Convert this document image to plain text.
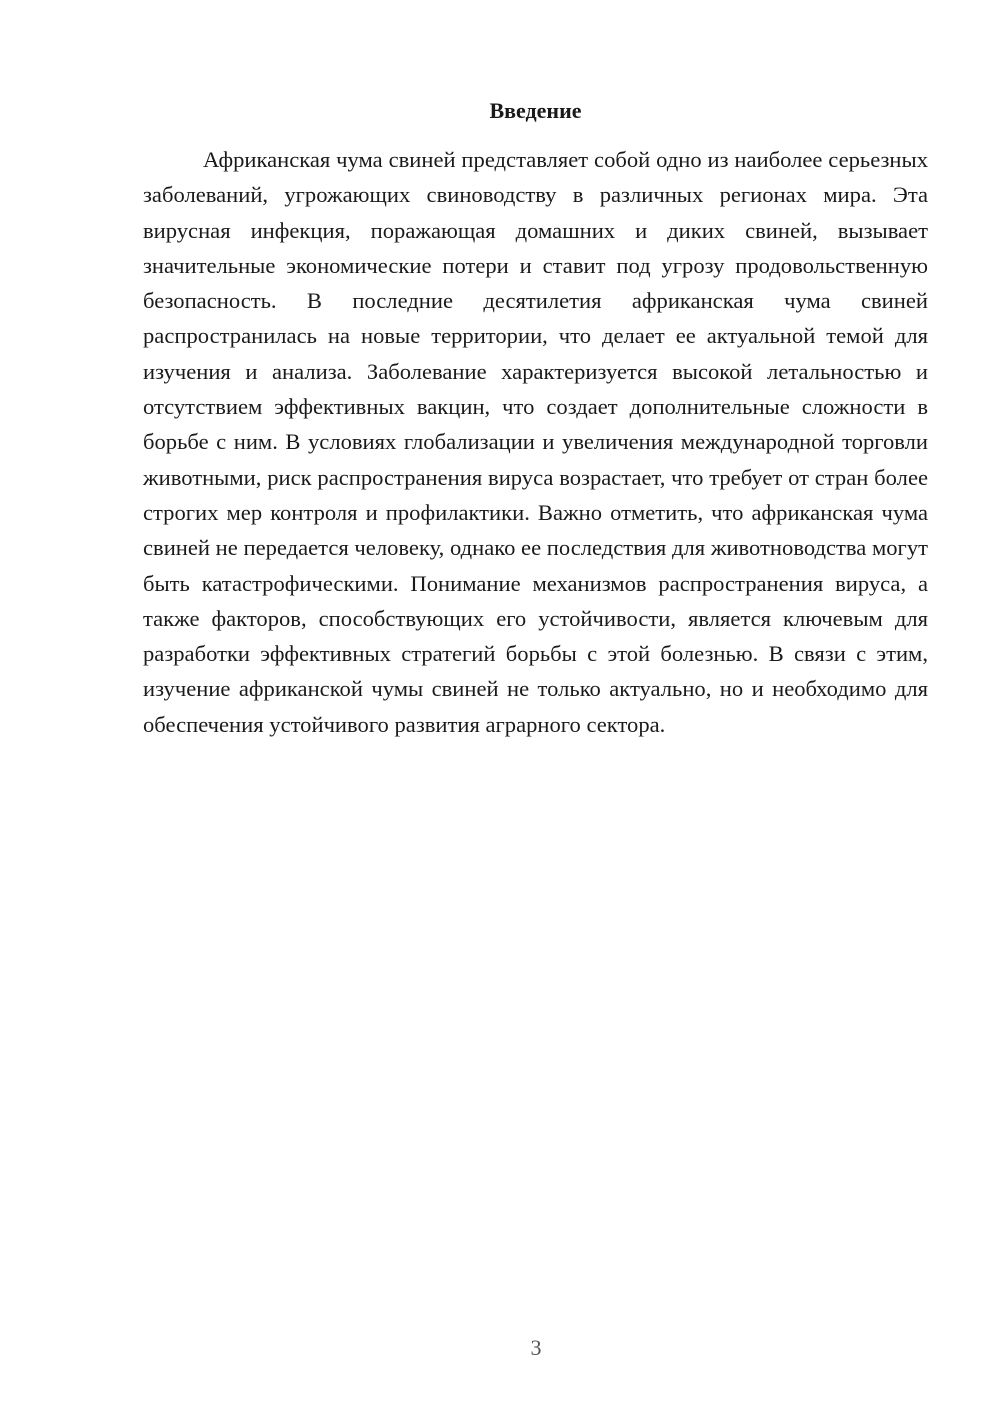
Введение

Африканская чума свиней представляет собой одно из наиболее серьезных заболеваний, угрожающих свиноводству в различных регионах мира. Эта вирусная инфекция, поражающая домашних и диких свиней, вызывает значительные экономические потери и ставит под угрозу продовольственную безопасность. В последние десятилетия африканская чума свиней распространилась на новые территории, что делает ее актуальной темой для изучения и анализа. Заболевание характеризуется высокой летальностью и отсутствием эффективных вакцин, что создает дополнительные сложности в борьбе с ним. В условиях глобализации и увеличения международной торговли животными, риск распространения вируса возрастает, что требует от стран более строгих мер контроля и профилактики. Важно отметить, что африканская чума свиней не передается человеку, однако ее последствия для животноводства могут быть катастрофическими. Понимание механизмов распространения вируса, а также факторов, способствующих его устойчивости, является ключевым для разработки эффективных стратегий борьбы с этой болезнью. В связи с этим, изучение африканской чумы свиней не только актуально, но и необходимо для обеспечения устойчивого развития аграрного сектора.

3
